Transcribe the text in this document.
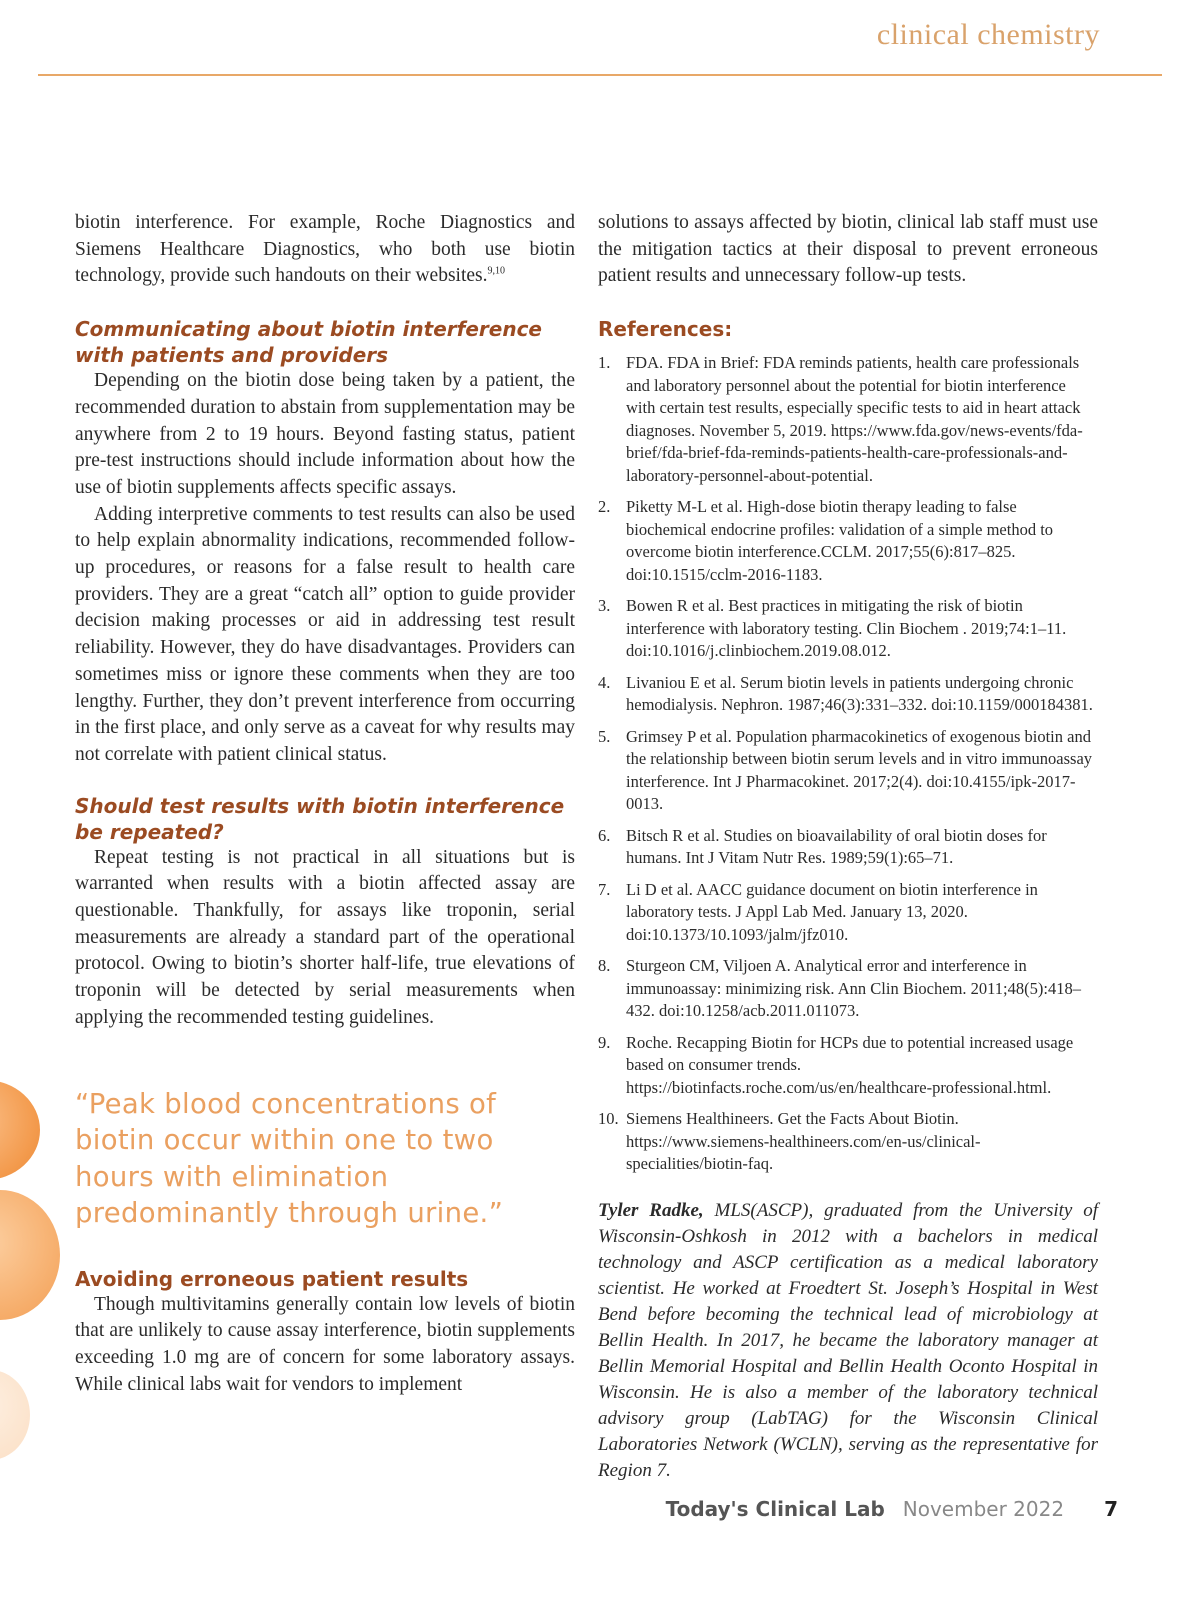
clinical chemistry

biotin interference. For example, Roche Diagnostics and Siemens Healthcare Diagnostics, who both use biotin technology, provide such handouts on their websites.$^{9,10}$

Communicating about biotin interference with patients and providers

Depending on the biotin dose being taken by a patient, the recommended duration to abstain from supplementation may be anywhere from 2 to 19 hours. Beyond fasting status, patient pre-test instructions should include information about how the use of biotin supplements affects specific assays.

Adding interpretive comments to test results can also be used to help explain abnormality indications, recommended follow-up procedures, or reasons for a false result to health care providers. They are a great “catch all” option to guide provider decision making processes or aid in addressing test result reliability. However, they do have disadvantages. Providers can sometimes miss or ignore these comments when they are too lengthy. Further, they don’t prevent interference from occurring in the first place, and only serve as a caveat for why results may not correlate with patient clinical status.

Should test results with biotin interference be repeated?

Repeat testing is not practical in all situations but is warranted when results with a biotin affected assay are questionable. Thankfully, for assays like troponin, serial measurements are already a standard part of the operational protocol. Owing to biotin’s shorter half-life, true elevations of troponin will be detected by serial measurements when applying the recommended testing guidelines.

“Peak blood concentrations of biotin occur within one to two hours with elimination predominantly through urine.”

Avoiding erroneous patient results

Though multivitamins generally contain low levels of biotin that are unlikely to cause assay interference, biotin supplements exceeding 1.0 mg are of concern for some laboratory assays. While clinical labs wait for vendors to implement

solutions to assays affected by biotin, clinical lab staff must use the mitigation tactics at their disposal to prevent erroneous patient results and unnecessary follow-up tests.

References:
1. FDA. FDA in Brief: FDA reminds patients, health care professionals and laboratory personnel about the potential for biotin interference with certain test results, especially specific tests to aid in heart attack diagnoses. November 5, 2019. https://www.fda.gov/news-events/fda-brief/fda-brief-fda-reminds-patients-health-care-professionals-and-laboratory-personnel-about-potential.
2. Piketty M-L et al. High-dose biotin therapy leading to false biochemical endocrine profiles: validation of a simple method to overcome biotin interference.CCLM. 2017;55(6):817–825. doi:10.1515/cclm-2016-1183.
3. Bowen R et al. Best practices in mitigating the risk of biotin interference with laboratory testing. Clin Biochem . 2019;74:1–11. doi:10.1016/j.clinbiochem.2019.08.012.
4. Livaniou E et al. Serum biotin levels in patients undergoing chronic hemodialysis. Nephron. 1987;46(3):331–332. doi:10.1159/000184381.
5. Grimsey P et al. Population pharmacokinetics of exogenous biotin and the relationship between biotin serum levels and in vitro immunoassay interference. Int J Pharmacokinet. 2017;2(4). doi:10.4155/ipk-2017-0013.
6. Bitsch R et al. Studies on bioavailability of oral biotin doses for humans. Int J Vitam Nutr Res. 1989;59(1):65–71.
7. Li D et al. AACC guidance document on biotin interference in laboratory tests. J Appl Lab Med. January 13, 2020. doi:10.1373/10.1093/jalm/jfz010.
8. Sturgeon CM, Viljoen A. Analytical error and interference in immunoassay: minimizing risk. Ann Clin Biochem. 2011;48(5):418–432. doi:10.1258/acb.2011.011073.
9. Roche. Recapping Biotin for HCPs due to potential increased usage based on consumer trends. https://biotinfacts.roche.com/us/en/healthcare-professional.html.
10. Siemens Healthineers. Get the Facts About Biotin. https://www.siemens-healthineers.com/en-us/clinical-specialities/biotin-faq.

Tyler Radke, MLS(ASCP), graduated from the University of Wisconsin-Oshkosh in 2012 with a bachelors in medical technology and ASCP certification as a medical laboratory scientist. He worked at Froedtert St. Joseph’s Hospital in West Bend before becoming the technical lead of microbiology at Bellin Health. In 2017, he became the laboratory manager at Bellin Memorial Hospital and Bellin Health Oconto Hospital in Wisconsin. He is also a member of the laboratory technical advisory group (LabTAG) for the Wisconsin Clinical Laboratories Network (WCLN), serving as the representative for Region 7.

Today's Clinical Lab November 2022 7
